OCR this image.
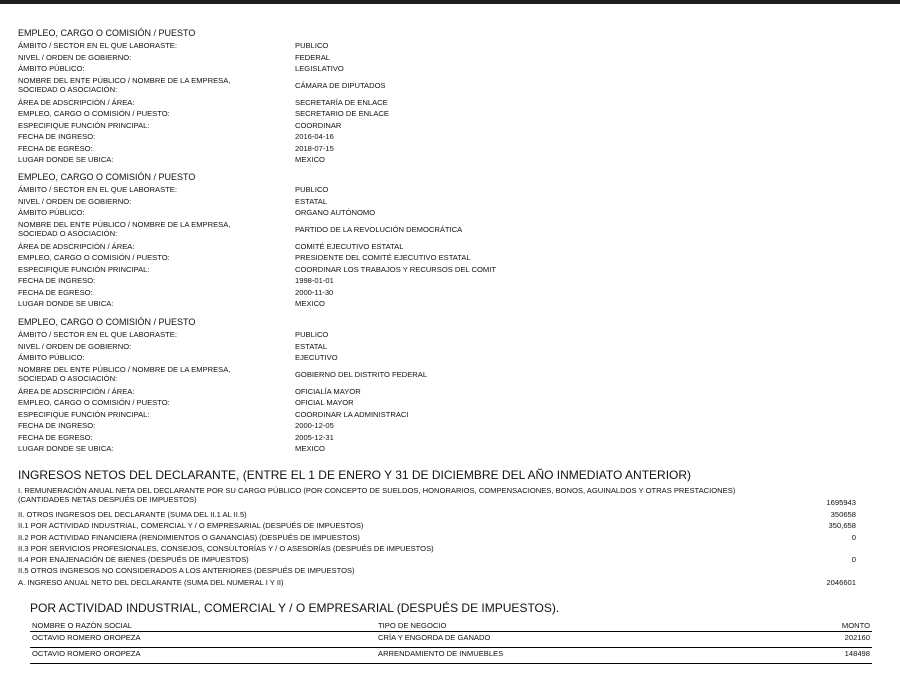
EMPLEO, CARGO O COMISIÓN / PUESTO
ÁMBITO / SECTOR EN EL QUE LABORASTE:	PUBLICO
NIVEL / ORDEN DE GOBIERNO:	FEDERAL
ÁMBITO PÚBLICO:	LEGISLATIVO
NOMBRE DEL ENTE PÚBLICO / NOMBRE DE LA EMPRESA,
SOCIEDAD O ASOCIACIÓN:	CÁMARA DE DIPUTADOS
ÁREA DE ADSCRIPCIÓN / ÁREA:	SECRETARÍA DE ENLACE
EMPLEO, CARGO O COMISIÓN / PUESTO:	SECRETARIO DE ENLACE
ESPECIFIQUE FUNCIÓN PRINCIPAL:	COORDINAR
FECHA DE INGRESO:	2016-04-16
FECHA DE EGRESO:	2018-07-15
LUGAR DONDE SE UBICA:	MEXICO
EMPLEO, CARGO O COMISIÓN / PUESTO
ÁMBITO / SECTOR EN EL QUE LABORASTE:	PUBLICO
NIVEL / ORDEN DE GOBIERNO:	ESTATAL
ÁMBITO PÚBLICO:	ORGANO AUTÓNOMO
NOMBRE DEL ENTE PÚBLICO / NOMBRE DE LA EMPRESA,
SOCIEDAD O ASOCIACIÓN:	PARTIDO DE LA REVOLUCIÓN DEMOCRÁTICA
ÁREA DE ADSCRIPCIÓN / ÁREA:	COMITÉ EJECUTIVO ESTATAL
EMPLEO, CARGO O COMISIÓN / PUESTO:	PRESIDENTE DEL COMITÉ EJECUTIVO ESTATAL
ESPECIFIQUE FUNCIÓN PRINCIPAL:	COORDINAR LOS TRABAJOS Y RECURSOS DEL COMIT
FECHA DE INGRESO:	1998-01-01
FECHA DE EGRESO:	2000-11-30
LUGAR DONDE SE UBICA:	MEXICO
EMPLEO, CARGO O COMISIÓN / PUESTO
ÁMBITO / SECTOR EN EL QUE LABORASTE:	PUBLICO
NIVEL / ORDEN DE GOBIERNO:	ESTATAL
ÁMBITO PÚBLICO:	EJECUTIVO
NOMBRE DEL ENTE PÚBLICO / NOMBRE DE LA EMPRESA,
SOCIEDAD O ASOCIACIÓN:	GOBIERNO DEL DISTRITO FEDERAL
ÁREA DE ADSCRIPCIÓN / ÁREA:	OFICIALÍA MAYOR
EMPLEO, CARGO O COMISIÓN / PUESTO:	OFICIAL MAYOR
ESPECIFIQUE FUNCIÓN PRINCIPAL:	COORDINAR LA ADMINISTRACI
FECHA DE INGRESO:	2000-12-05
FECHA DE EGRESO:	2005-12-31
LUGAR DONDE SE UBICA:	MEXICO
INGRESOS NETOS DEL DECLARANTE, (ENTRE EL 1 DE ENERO Y 31 DE DICIEMBRE DEL AÑO INMEDIATO ANTERIOR)
I. REMUNERACIÓN ANUAL NETA DEL DECLARANTE POR SU CARGO PÚBLICO (POR CONCEPTO DE SUELDOS, HONORARIOS, COMPENSACIONES, BONOS, AGUINALDOS Y OTRAS PRESTACIONES) (CANTIDADES NETAS DESPUÉS DE IMPUESTOS)	1695943
II. OTROS INGRESOS DEL DECLARANTE (SUMA DEL II.1 AL II.5)	350658
II.1 POR ACTIVIDAD INDUSTRIAL, COMERCIAL Y / O EMPRESARIAL (DESPUÉS DE IMPUESTOS)	350,658
II.2 POR ACTIVIDAD FINANCIERA (RENDIMIENTOS O GANANCIAS) (DESPUÉS DE IMPUESTOS)	0
II.3 POR SERVICIOS PROFESIONALES, CONSEJOS, CONSULTORÍAS Y / O ASESORÍAS (DESPUÉS DE IMPUESTOS)
II.4 POR ENAJENACIÓN DE BIENES (DESPUÉS DE IMPUESTOS)	0
II.5 OTROS INGRESOS NO CONSIDERADOS A LOS ANTERIORES (DESPUÉS DE IMPUESTOS)
A. INGRESO ANUAL NETO DEL DECLARANTE (SUMA DEL NUMERAL I Y II)	2046601
POR ACTIVIDAD INDUSTRIAL, COMERCIAL Y / O EMPRESARIAL (DESPUÉS DE IMPUESTOS).
NOMBRE O RAZÓN SOCIAL	TIPO DE NEGOCIO	MONTO
OCTAVIO ROMERO OROPEZA	CRÍA Y ENGORDA DE GANADO	202160
OCTAVIO ROMERO OROPEZA	ARRENDAMIENTO DE INMUEBLES	148498
